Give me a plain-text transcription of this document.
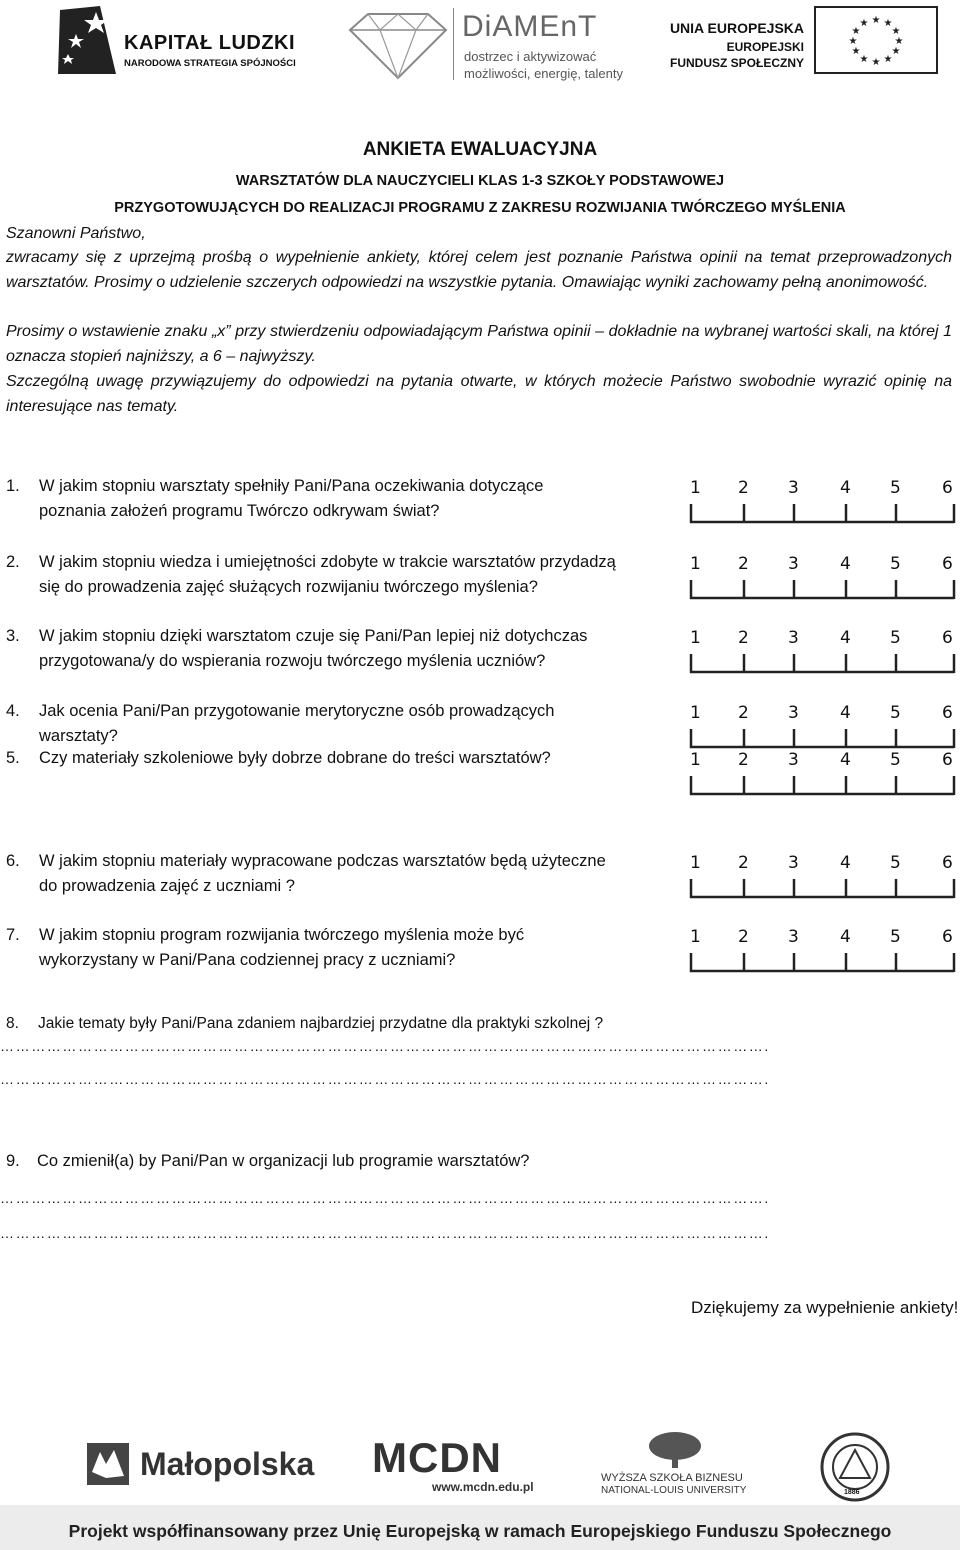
KAPITAŁ LUDZKI
NARODOWA STRATEGIA SPÓJNOŚCI
DiAMEnT
dostrzec i aktywizować
możliwości, energię, talenty
UNIA EUROPEJSKA
EUROPEJSKI
FUNDUSZ SPOŁECZNY
★ ★
★
★
★
★
★
★
★
★
★
★
ANKIETA EWALUACYJNA
WARSZTATÓW DLA NAUCZYCIELI KLAS 1-3 SZKOŁY PODSTAWOWEJ
PRZYGOTOWUJĄCYCH DO REALIZACJI PROGRAMU Z ZAKRESU ROZWIJANIA TWÓRCZEGO MYŚLENIA
Szanowni Państwo,
zwracamy się z uprzejmą prośbą o wypełnienie ankiety, której celem jest poznanie Państwa opinii na temat przeprowadzonych warsztatów. Prosimy o udzielenie szczerych odpowiedzi na wszystkie pytania. Omawiając wyniki zachowamy pełną anonimowość.
Prosimy o wstawienie znaku „x” przy stwierdzeniu odpowiadającym Państwa opinii – dokładnie na wybranej wartości skali, na której 1 oznacza stopień najniższy, a 6 – najwyższy.
Szczególną uwagę przywiązujemy do odpowiedzi na pytania otwarte, w których możecie Państwo swobodnie wyrazić opinię na interesujące nas tematy.
1.	W jakim stopniu warsztaty spełniły Pani/Pana oczekiwania dotyczące
poznania założeń programu Twórczo odkrywam świat?
1 2 3 4 5 6
2.	W jakim stopniu wiedza i umiejętności zdobyte w trakcie warsztatów przydadzą
się do prowadzenia zajęć służących rozwijaniu twórczego myślenia?
1 2 3 4 5 6
3.	W jakim stopniu dzięki warsztatom czuje się Pani/Pan lepiej niż dotychczas
przygotowana/y do wspierania rozwoju twórczego myślenia uczniów?
1 2 3 4 5 6
4.	Jak ocenia Pani/Pan przygotowanie merytoryczne osób prowadzących
warsztaty?
1 2 3 4 5 6
5.	Czy materiały szkoleniowe były dobrze dobrane do treści warsztatów?	1 2 3 4 5 6
6.	W jakim stopniu materiały wypracowane podczas warsztatów będą użyteczne
do prowadzenia zajęć z uczniami ?
1 2 3 4 5 6
7.	W jakim stopniu program rozwijania twórczego myślenia może być
wykorzystany w Pani/Pana codziennej pracy z uczniami?
1 2 3 4 5 6
8. Jakie tematy były Pani/Pana zdaniem najbardziej przydatne dla praktyki szkolnej ?
………………………………………………………………………………………………………………………………….
………………………………………………………………………………………………………………………………….
9. Co zmienił(a) by Pani/Pan w organizacji lub programie warsztatów?
………………………………………………………………………………………………………………………………….
………………………………………………………………………………………………………………………………….
Dziękujemy za wypełnienie ankiety!
Małopolska MCDN
www.mcdn.edu.pl
WYŻSZA SZKOŁA BIZNESU
NATIONAL-LOUIS UNIVERSITY	1886
Projekt współfinansowany przez Unię Europejską w ramach Europejskiego Funduszu Społecznego
